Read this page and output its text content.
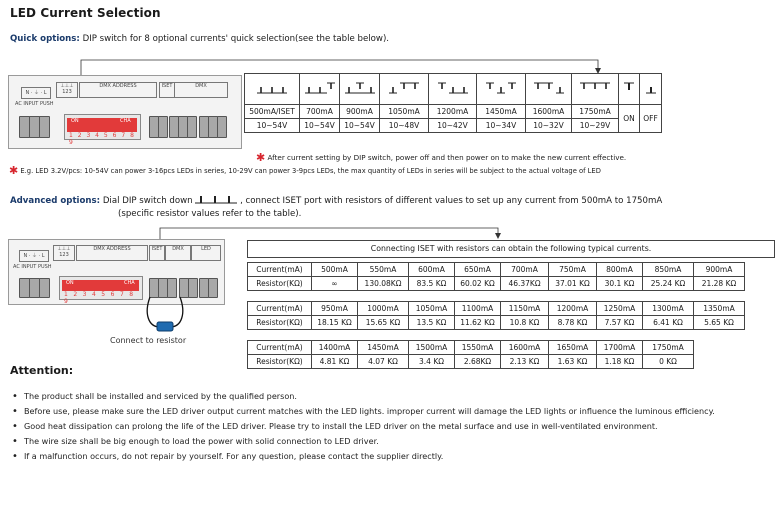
LED Current Selection
Quick options: DIP switch for 8 optional currents' quick selection(see the table below).
N · ⏚ · L
⊥⊥⊥
123
DMX ADDRESS	ISET	DMX
AC INPUT PUSH
ON	CHA
1 2 3 4 5 6 7 8 9

500mA/ISET	700mA	900mA	1050mA	1200mA	1450mA	1600mA	1750mA	ON	OFF
10~54V	10~54V	10~54V	10~48V	10~42V	10~34V	10~32V	10~29V		
✱ After current setting by DIP switch, power off and then power on to make the new current effective.
✱ E.g. LED 3.2V/pcs: 10-54V can power 3-16pcs LEDs in series, 10-29V can power 3-9pcs LEDs, the max quantity of LEDs in series will be subject to the actual voltage of LED
Advanced options: Dial DIP switch down	, connect ISET port with resistors of different values to set up any current from 500mA to 1750mA
(specific resistor values refer to the table).
N · ⏚ · L
⊥⊥⊥
123
DMX ADDRESS	ISET	DMX	LED
AC INPUT PUSH
ON	CHA
1 2 3 4 5 6 7 8 9
Connect to resistor
Connecting ISET with resistors can obtain the following typical currents.
Current(mA)	500mA	550mA	600mA	650mA	700mA	750mA	800mA	850mA	900mA
Resistor(KΩ)	∞	130.08KΩ	83.5 KΩ	60.02 KΩ	46.37KΩ	37.01 KΩ	30.1 KΩ	25.24 KΩ	21.28 KΩ
Current(mA)	950mA	1000mA	1050mA	1100mA	1150mA	1200mA	1250mA	1300mA	1350mA
Resistor(KΩ)	18.15 KΩ	15.65 KΩ	13.5 KΩ	11.62 KΩ	10.8 KΩ	8.78 KΩ	7.57 KΩ	6.41 KΩ	5.65 KΩ
Current(mA)	1400mA	1450mA	1500mA	1550mA	1600mA	1650mA	1700mA	1750mA
Resistor(KΩ)	4.81 KΩ	4.07 KΩ	3.4 KΩ	2.68KΩ	2.13 KΩ	1.63 KΩ	1.18 KΩ	0 KΩ
Attention:
• The product shall be installed and serviced by the qualified person.
• Before use, please make sure the LED driver output current matches with the LED lights. improper current will damage the LED lights or influence the luminous efficiency.
• Good heat dissipation can prolong the life of the LED driver. Please try to install the LED driver on the metal surface and use in well-ventilated environment.
• The wire size shall be big enough to load the power with solid connection to LED driver.
• If a malfunction occurs, do not repair by yourself. For any question, please contact the supplier directly.
